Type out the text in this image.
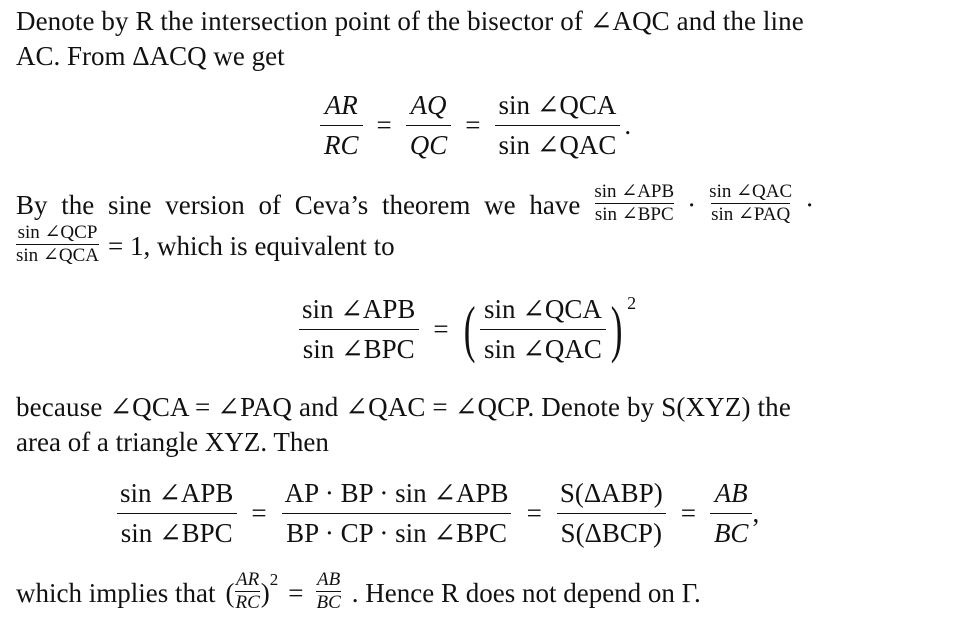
Denote by R the intersection point of the bisector of ∠AQC and the line
AC. From ΔACQ we get
$\frac{AR}{RC} = \frac{AQ}{QC} = \frac{\text{sin ∠QCA}}{\text{sin ∠QAC}}$ .
By the sine version of Ceva’s theorem we have $\frac{\text{sin ∠APB}}{\text{sin ∠BPC}} \cdot \frac{\text{sin ∠QAC}}{\text{sin ∠PAQ}}$ ·
$\frac{\text{sin ∠QCP}}{\text{sin ∠QCA}} = 1$, which is equivalent to
$\frac{\text{sin ∠APB}}{\text{sin ∠BPC}}$ = ( $\frac{\text{sin ∠QCA}}{\text{sin ∠QAC}}$ ) 2
because ∠QCA = ∠PAQ and ∠QAC = ∠QCP. Denote by S(XYZ) the
area of a triangle XYZ. Then
$\frac{\text{sin ∠APB}}{\text{sin ∠BPC}} = \frac{\text{AP · BP · sin ∠APB}}{\text{BP · CP · sin ∠BPC}} = \frac{\text{S(ΔABP)}}{\text{S(ΔBCP)}} = \frac{AB}{BC}$ ,
which implies that ( $\frac{AR}{RC}$ ) $2 = \frac{AB}{BC}$ . Hence R does not depend on Γ.
